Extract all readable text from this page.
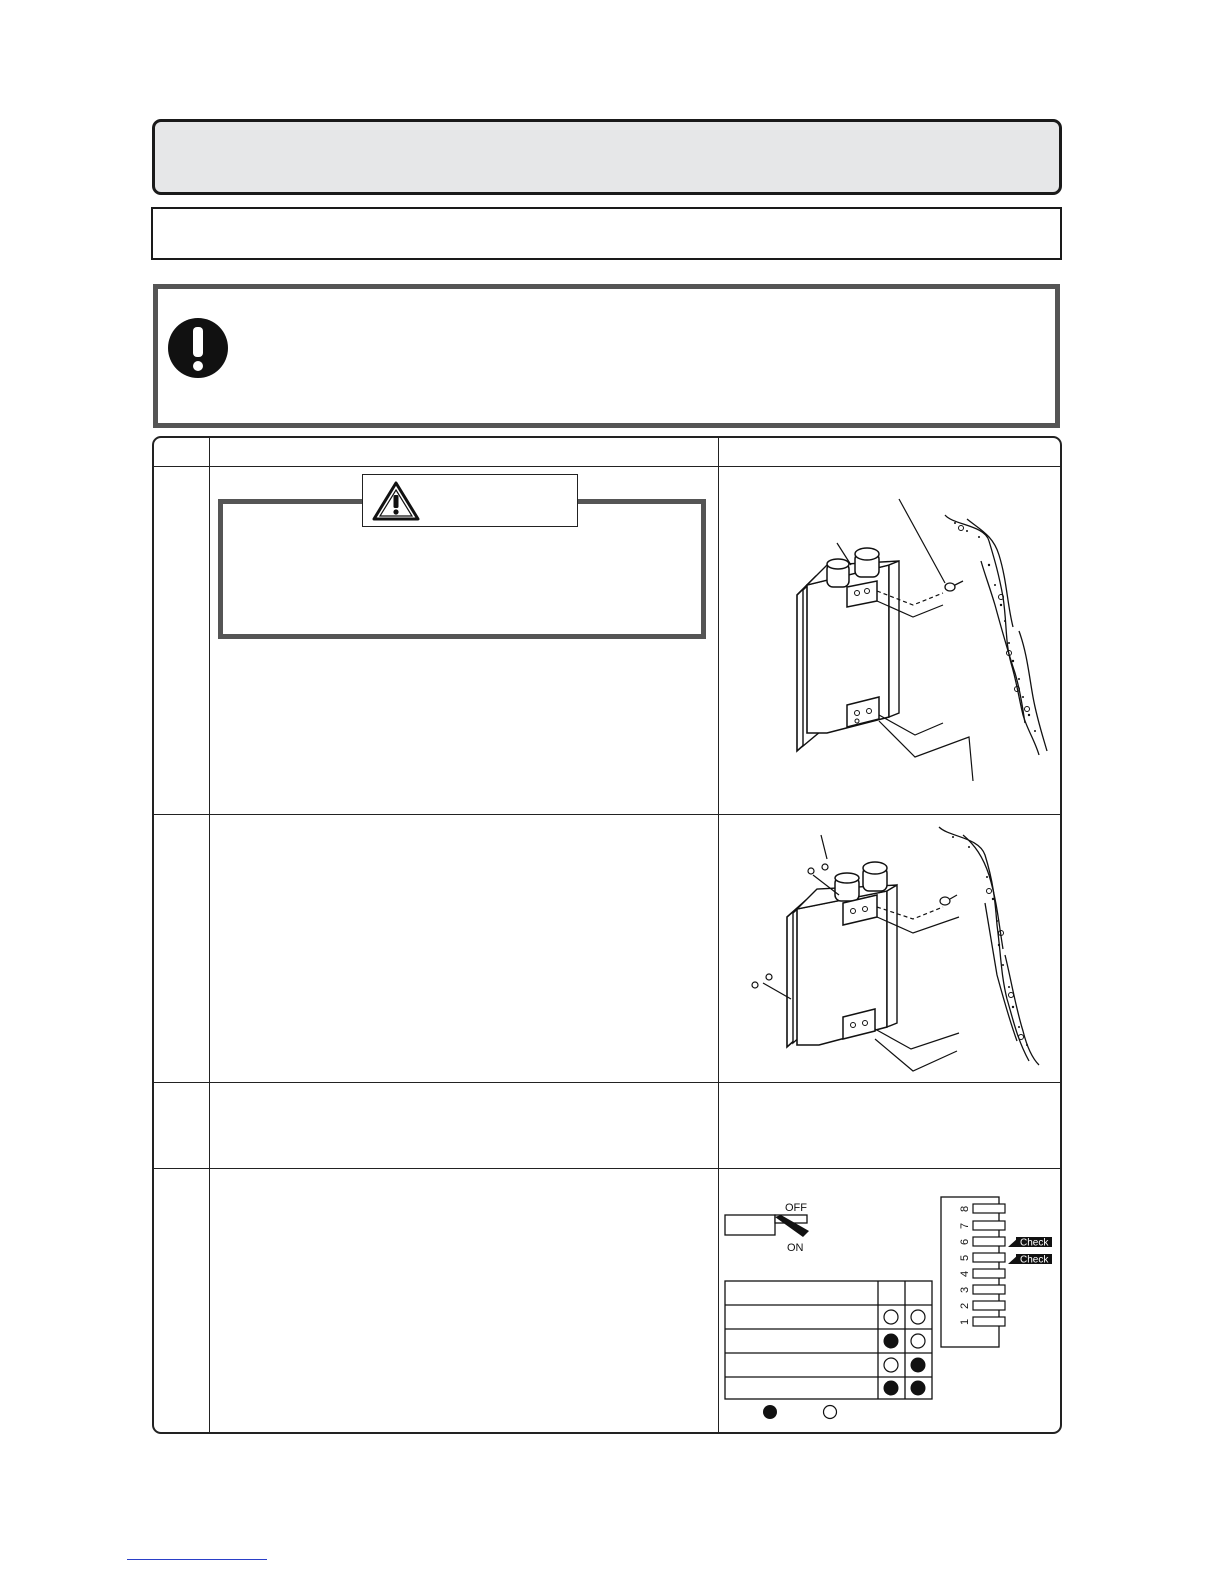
OFF
ON
8
7
6
5
4
3
2
1
Check
Check
